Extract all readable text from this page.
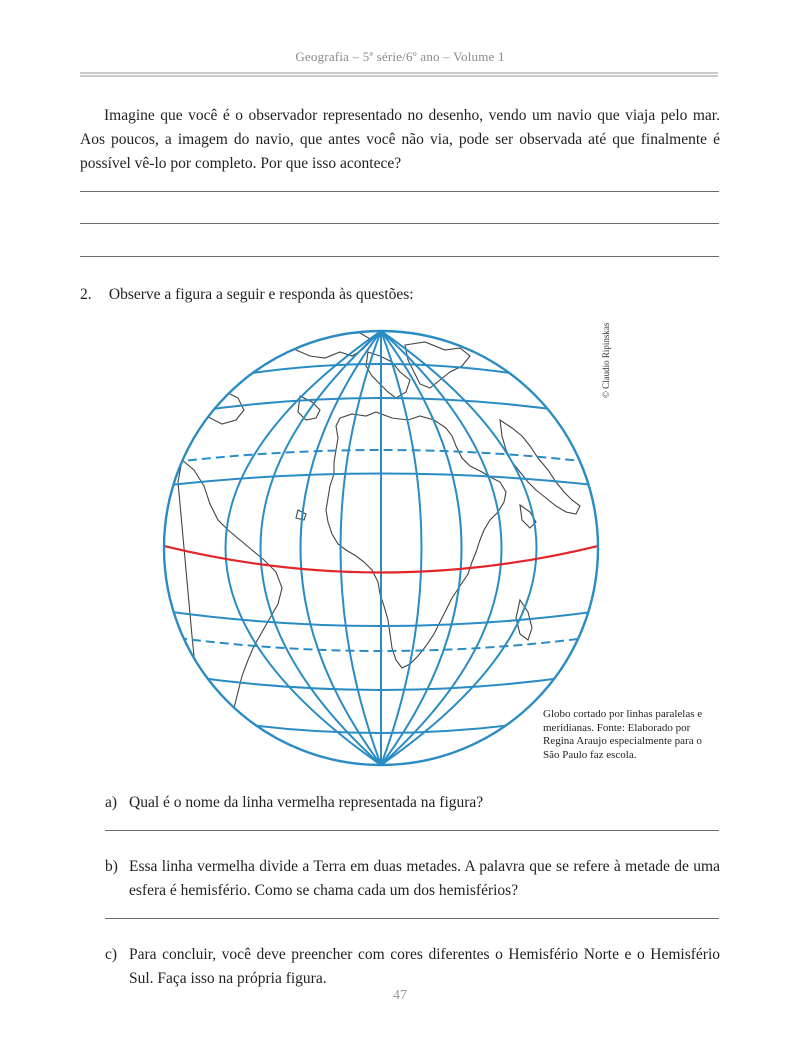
Geografia – 5ª série/6º ano – Volume 1

Imagine que você é o observador representado no desenho, vendo um navio que viaja pelo mar. Aos poucos, a imagem do navio, que antes você não via, pode ser observada até que finalmente é possível vê-lo por completo. Por que isso acontece?

2. Observe a figura a seguir e responda às questões:
© Claudio Ripinskas

Globo cortado por linhas paralelas e meridianas. Fonte: Elaborado por Regina Araujo especialmente para o São Paulo faz escola.

a) Qual é o nome da linha vermelha representada na figura?
b) Essa linha vermelha divide a Terra em duas metades. A palavra que se refere à metade de uma esfera é hemisfério. Como se chama cada um dos hemisférios?
c) Para concluir, você deve preencher com cores diferentes o Hemisfério Norte e o Hemisfério Sul. Faça isso na própria figura.
47
